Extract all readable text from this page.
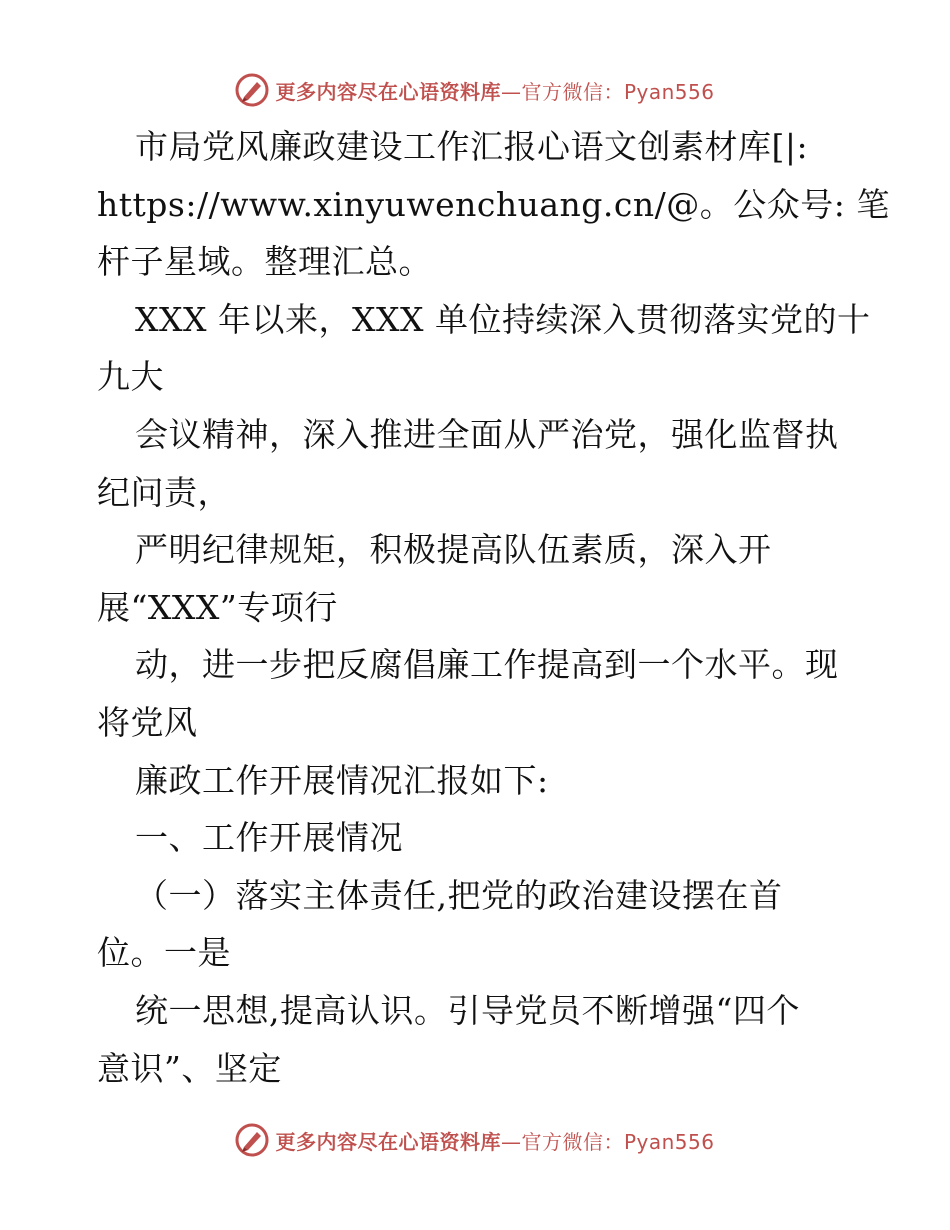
更多内容尽在心语资料库—官方微信：Pyan556
市局党风廉政建设工作汇报心语文创素材库[|:
https://www.xinyuwenchuang.cn/@。公众号: 笔
杆子星域。整理汇总。
XXX 年以来，XXX 单位持续深入贯彻落实党的十
九大
会议精神，深入推进全面从严治党，强化监督执
纪问责，
严明纪律规矩，积极提高队伍素质，深入开
展“XXX”专项行
动，进一步把反腐倡廉工作提高到一个水平。现
将党风
廉政工作开展情况汇报如下:
一、工作开展情况
（一）落实主体责任,把党的政治建设摆在首
位。一是
统一思想,提高认识。引导党员不断增强“四个
意识”、坚定
更多内容尽在心语资料库—官方微信：Pyan556
